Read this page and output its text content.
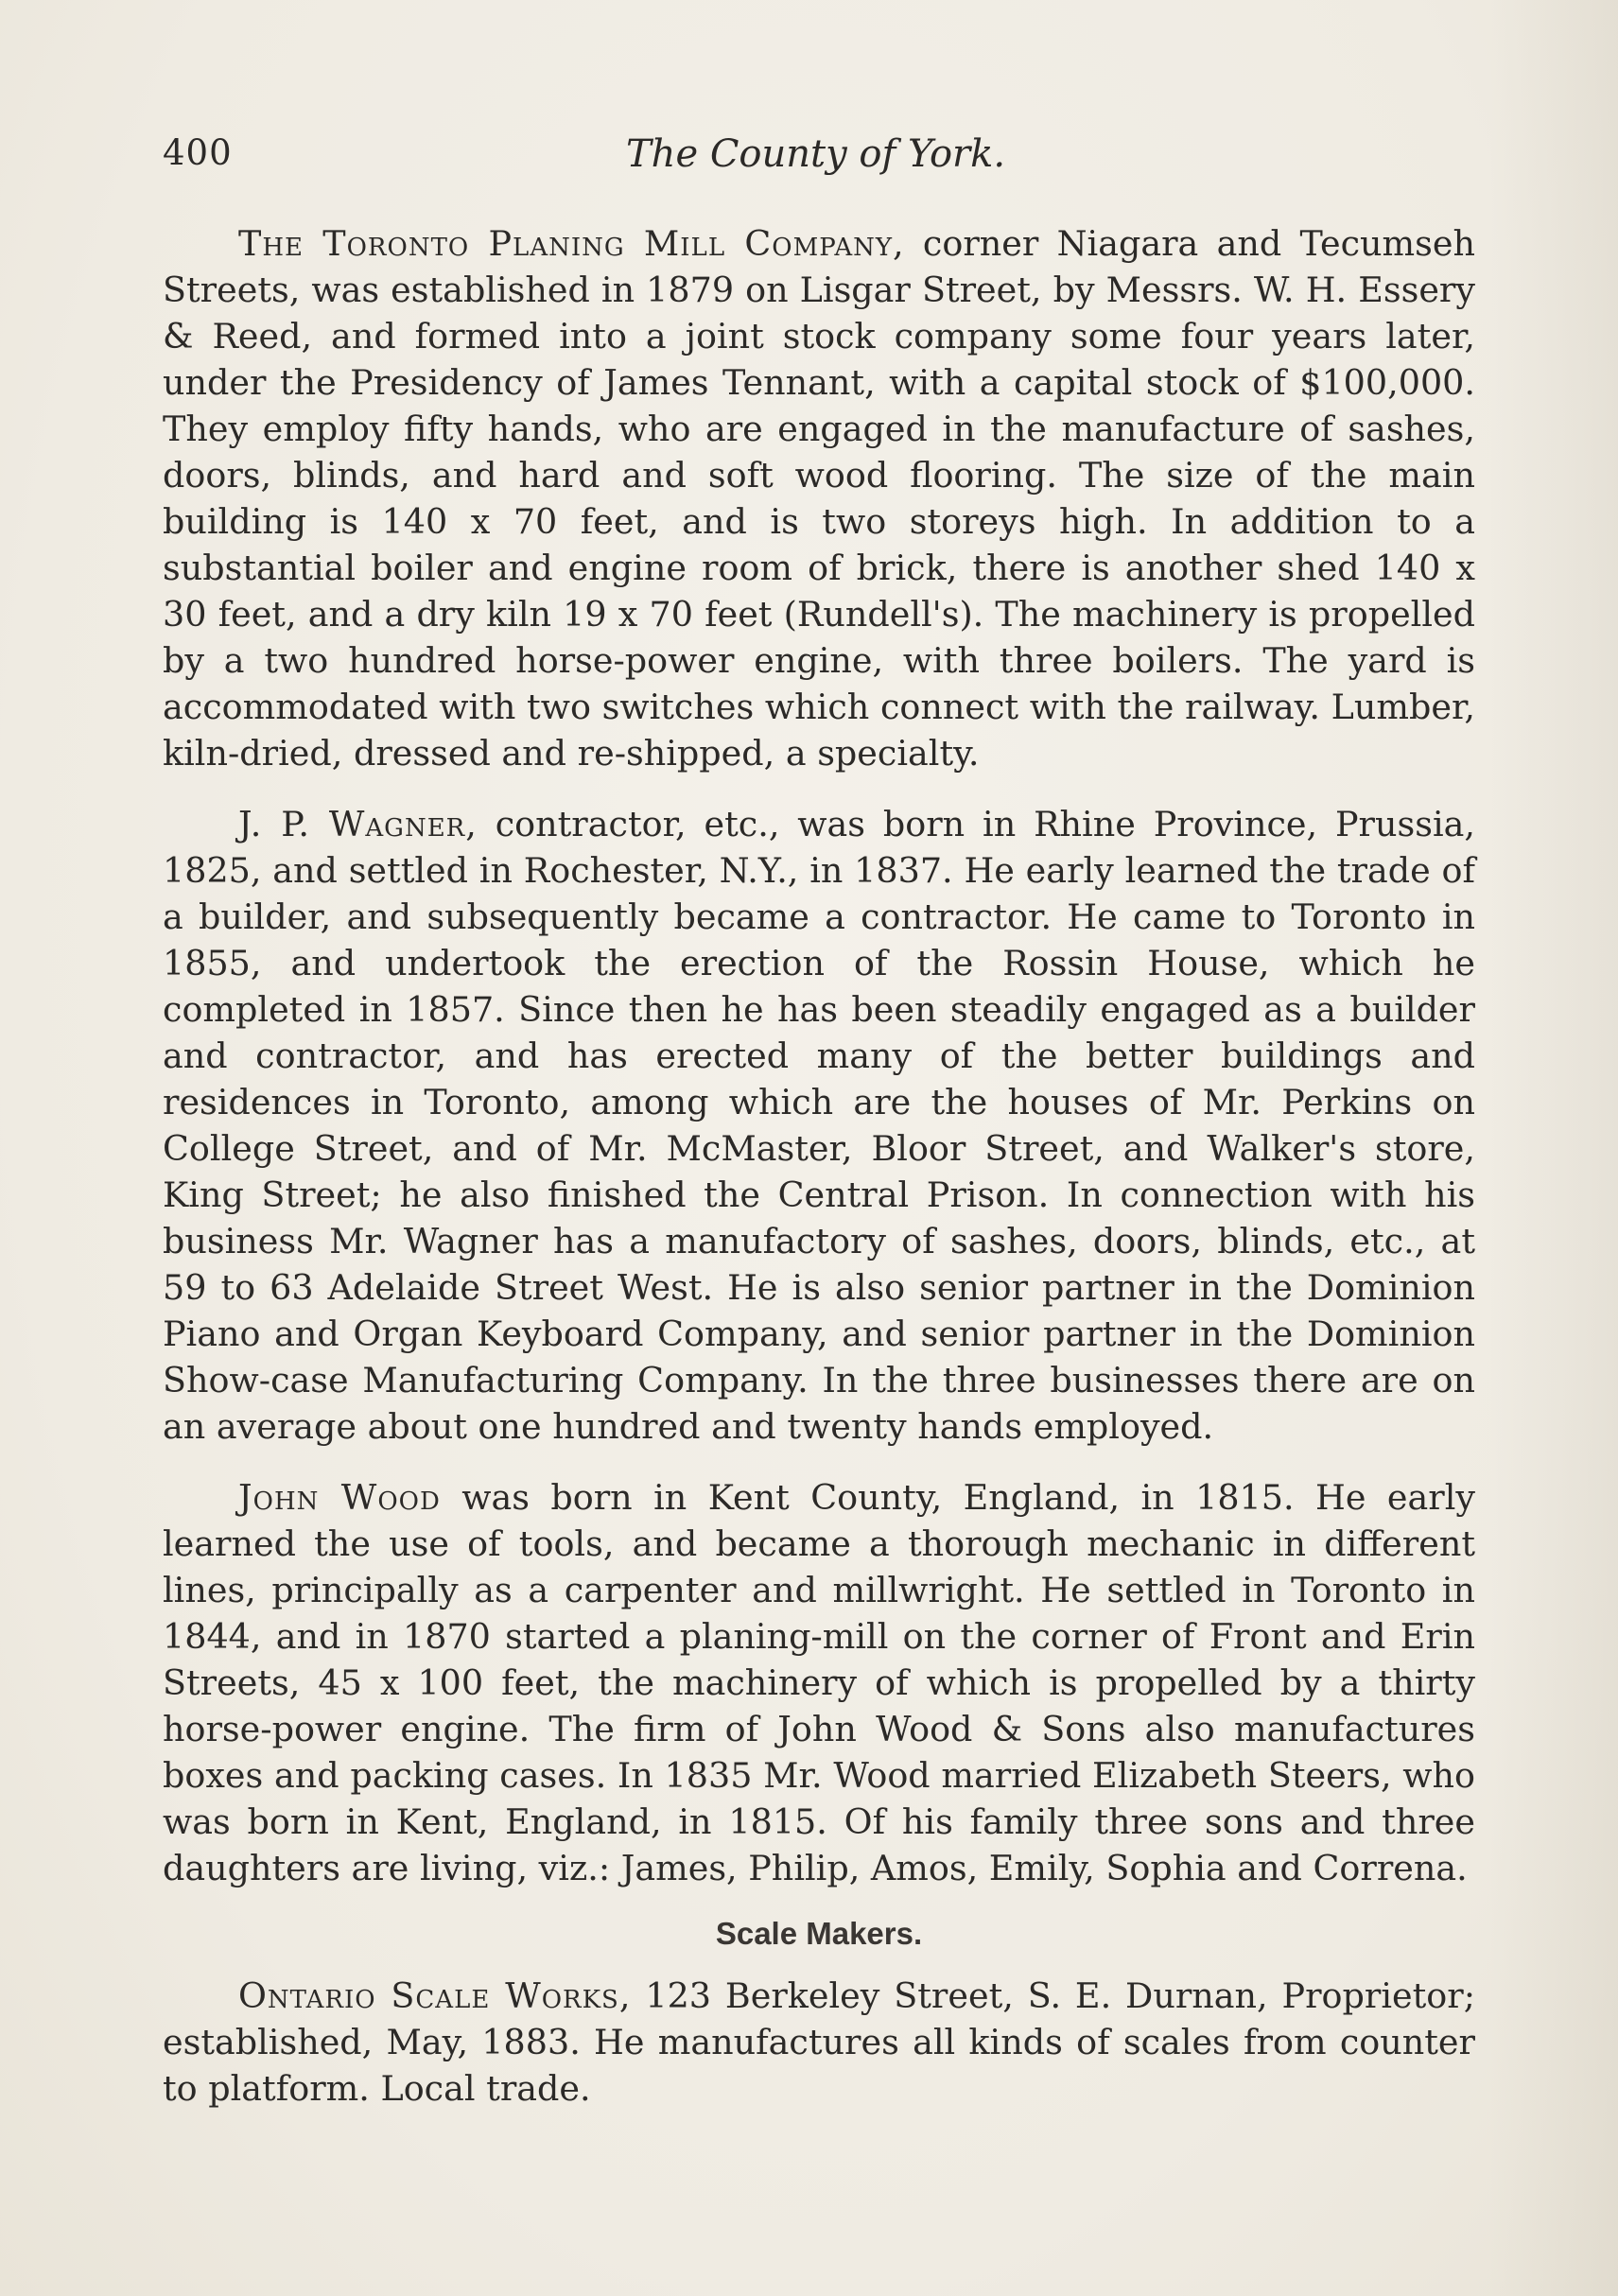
400	The County of York.

The Toronto Planing Mill Company, corner Niagara and Tecumseh Streets, was established in 1879 on Lisgar Street, by Messrs. W. H. Essery & Reed, and formed into a joint stock company some four years later, under the Presidency of James Tennant, with a capital stock of $100,000. They employ fifty hands, who are engaged in the manufacture of sashes, doors, blinds, and hard and soft wood flooring. The size of the main building is 140 x 70 feet, and is two storeys high. In addition to a substantial boiler and engine room of brick, there is another shed 140 x 30 feet, and a dry kiln 19 x 70 feet (Rundell's). The machinery is propelled by a two hundred horse-power engine, with three boilers. The yard is accommodated with two switches which connect with the railway. Lumber, kiln-dried, dressed and re-shipped, a specialty.

J. P. Wagner, contractor, etc., was born in Rhine Province, Prussia, 1825, and settled in Rochester, N.Y., in 1837. He early learned the trade of a builder, and subsequently became a contractor. He came to Toronto in 1855, and undertook the erection of the Rossin House, which he completed in 1857. Since then he has been steadily engaged as a builder and contractor, and has erected many of the better buildings and residences in Toronto, among which are the houses of Mr. Perkins on College Street, and of Mr. McMaster, Bloor Street, and Walker's store, King Street; he also finished the Central Prison. In connection with his business Mr. Wagner has a manufactory of sashes, doors, blinds, etc., at 59 to 63 Adelaide Street West. He is also senior partner in the Dominion Piano and Organ Keyboard Company, and senior partner in the Dominion Show-case Manufacturing Company. In the three businesses there are on an average about one hundred and twenty hands employed.

John Wood was born in Kent County, England, in 1815. He early learned the use of tools, and became a thorough mechanic in different lines, principally as a carpenter and millwright. He settled in Toronto in 1844, and in 1870 started a planing-mill on the corner of Front and Erin Streets, 45 x 100 feet, the machinery of which is propelled by a thirty horse-power engine. The firm of John Wood & Sons also manufactures boxes and packing cases. In 1835 Mr. Wood married Elizabeth Steers, who was born in Kent, England, in 1815. Of his family three sons and three daughters are living, viz.: James, Philip, Amos, Emily, Sophia and Correna.

Scale Makers.

Ontario Scale Works, 123 Berkeley Street, S. E. Durnan, Proprietor; established, May, 1883. He manufactures all kinds of scales from counter to platform. Local trade.
